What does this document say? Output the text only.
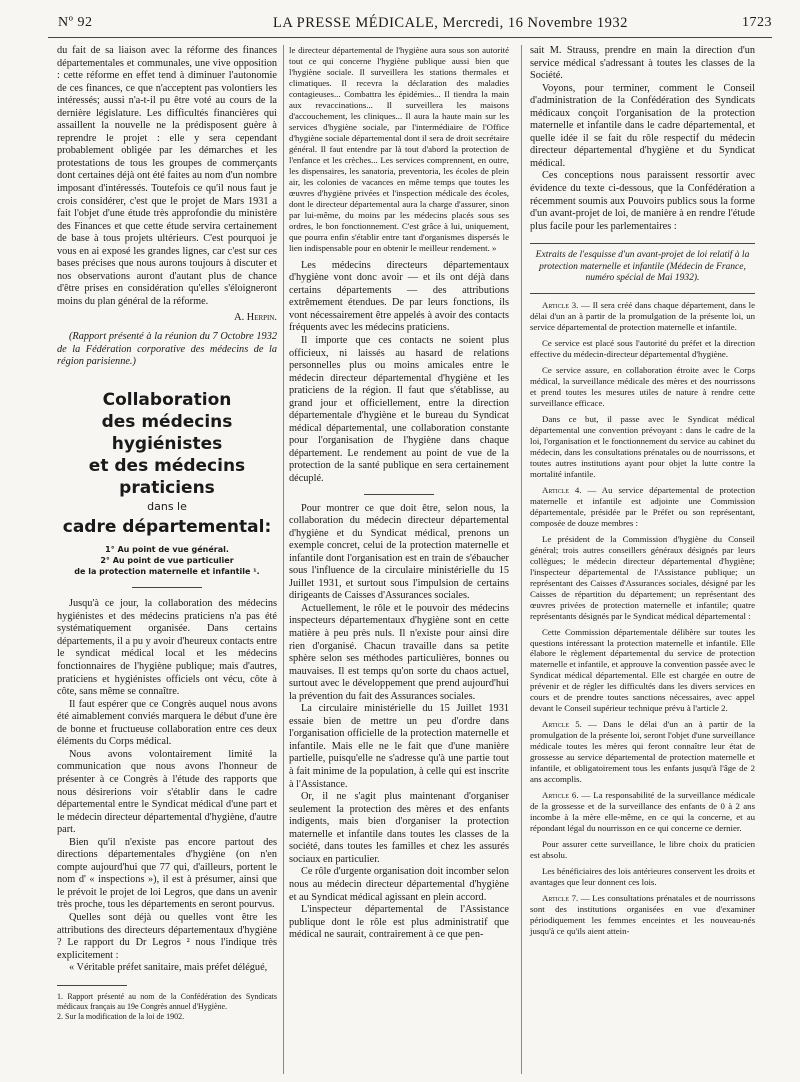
Nº 92	LA PRESSE MÉDICALE, Mercredi, 16 Novembre 1932	1723

du fait de sa liaison avec la réforme des finances départementales et communales, une vive opposition : cette réforme en effet tend à diminuer l'autonomie de ces finances, ce que n'acceptent pas volontiers les intéressés; aussi n'a-t-il pu être voté au cours de la dernière législature. Les difficultés financières qui assaillent la nouvelle ne la prédisposent guère à reprendre le projet : elle y sera cependant probablement obligée par les démarches et les protestations de tous les groupes de commerçants dont certaines déjà ont été faites au nom d'un nombre imposant d'intéressés. Toutefois ce qu'il nous faut je crois considérer, c'est que le projet de Mars 1931 a fait l'objet d'une étude très approfondie du ministère des Finances et que cette étude servira certainement de base à tous projets ultérieurs. C'est pourquoi je vous en ai exposé les grandes lignes, car c'est sur ces bases précises que nous aurons toujours à discuter et nos observations auront d'autant plus de chance d'être prises en considération qu'elles s'éloigneront moins du plan général de la réforme.

A. Herpin.

(Rapport présenté à la réunion du 7 Octobre 1932 de la Fédération corporative des médecins de la région parisienne.)

Collaboration
des médecins hygiénistes
et des médecins praticiens
dans le
cadre départemental:
1° Au point de vue général.
2° Au point de vue particulier
de la protection maternelle et infantile ¹.

Jusqu'à ce jour, la collaboration des médecins hygiénistes et des médecins praticiens n'a pas été systématiquement organisée. Dans certains départements, il a pu y avoir d'heureux contacts entre le syndicat médical local et les médecins fonctionnaires de l'hygiène publique; mais d'autres, praticiens et hygiénistes officiels ont vécu, côte à côte, sans même se connaître.

Il faut espérer que ce Congrès auquel nous avons été aimablement conviés marquera le début d'une ère de bonne et fructueuse collaboration entre ces deux éléments du Corps médical.

Nous avons volontairement limité la communication que nous avons l'honneur de présenter à ce Congrès à l'étude des rapports que nous désirerions voir s'établir dans le cadre départemental entre le Syndicat médical d'une part et le médecin directeur départemental d'hygiène, d'autre part.

Bien qu'il n'existe pas encore partout des directions départementales d'hygiène (on n'en compte aujourd'hui que 77 qui, d'ailleurs, portent le nom d' « inspections »), il est à présumer, ainsi que le prévoit le projet de loi Legros, que dans un avenir très proche, tous les départements en seront pourvus.

Quelles sont déjà ou quelles vont être les attributions des directeurs départementaux d'hygiène ? Le rapport du Dr Legros ² nous l'indique très explicitement :

« Véritable préfet sanitaire, mais préfet délégué,

1. Rapport présenté au nom de la Confédération des Syndicats médicaux français au 19e Congrès annuel d'Hygiène.

2. Sur la modification de la loi de 1902.

le directeur départemental de l'hygiène aura sous son autorité tout ce qui concerne l'hygiène publique aussi bien que l'hygiène sociale. Il surveillera les stations thermales et climatiques. Il recevra la déclaration des maladies contagieuses... Combattra les épidémies... Il tiendra la main aux revaccinations... Il surveillera les maisons d'accouchement, les cliniques... Il aura la haute main sur les services d'hygiène sociale, par l'intermédiaire de l'Office d'hygiène sociale départemental dont il sera de droit secrétaire général. Il faut entendre par là tout d'abord la protection de l'enfance et les crèches... Les services comprennent, en outre, les dispensaires, les sanatoria, preventoria, les écoles de plein air, les colonies de vacances en même temps que toutes les œuvres d'hygiène privées et l'inspection médicale des écoles, dont le directeur départemental aura la charge d'assurer, sinon par lui-même, du moins par les médecins placés sous ses ordres, le bon fonctionnement. C'est grâce à lui, uniquement, que pourra enfin s'établir entre tant d'organismes dispersés le lien indispensable pour en obtenir le meilleur rendement. »

Les médecins directeurs départementaux d'hygiène vont donc avoir — et ils ont déjà dans certains départements — des attributions extrêmement étendues. De par leurs fonctions, ils vont nécessairement être appelés à avoir des contacts fréquents avec les médecins praticiens.

Il importe que ces contacts ne soient plus officieux, ni laissés au hasard de relations personnelles plus ou moins amicales entre le médecin directeur départemental d'hygiène et les praticiens de la région. Il faut que s'établisse, au grand jour et officiellement, entre la direction départementale d'hygiène et le bureau du Syndicat médical départemental, une collaboration constante pour l'organisation de l'hygiène dans chaque département. Le rendement au point de vue de la protection de la santé publique en sera certainement décuplé.

Pour montrer ce que doit être, selon nous, la collaboration du médecin directeur départemental d'hygiène et du Syndicat médical, prenons un exemple concret, celui de la protection maternelle et infantile dont l'organisation est en train de s'ébaucher sous l'influence de la circulaire ministérielle du 15 Juillet 1931, et surtout sous l'impulsion de certains dirigeants de Caisses d'Assurances sociales.

Actuellement, le rôle et le pouvoir des médecins inspecteurs départementaux d'hygiène sont en cette matière à peu près nuls. Il n'existe pour ainsi dire rien d'organisé. Chacun travaille dans sa petite sphère selon ses méthodes particulières, bonnes ou mauvaises. Il est temps qu'on sorte du chaos actuel, surtout avec le développement que prend aujourd'hui la prévention du fait des Assurances sociales.

La circulaire ministérielle du 15 Juillet 1931 essaie bien de mettre un peu d'ordre dans l'organisation officielle de la protection maternelle et infantile. Mais elle ne le fait que d'une manière partielle, puisqu'elle ne s'adresse qu'à une partie tout à fait minime de la population, à celle qui est inscrite à l'Assistance.

Or, il ne s'agit plus maintenant d'organiser seulement la protection des mères et des enfants indigents, mais bien d'organiser la protection maternelle et infantile dans toutes les classes de la société, dans toutes les familles et chez les assurés sociaux en particulier.

Ce rôle d'urgente organisation doit incomber selon nous au médecin directeur départemental d'hygiène et au Syndicat médical agissant en plein accord.

L'inspecteur départemental de l'Assistance publique dont le rôle est plus administratif que médical ne saurait, contrairement à ce que pen-

sait M. Strauss, prendre en main la direction d'un service médical s'adressant à toutes les classes de la Société.

Voyons, pour terminer, comment le Conseil d'administration de la Confédération des Syndicats médicaux conçoit l'organisation de la protection maternelle et infantile dans le cadre départemental, et quelle idée il se fait du rôle respectif du médecin directeur départemental d'hygiène et du Syndicat médical.

Ces conceptions nous paraissent ressortir avec évidence du texte ci-dessous, que la Confédération a récemment soumis aux Pouvoirs publics sous la forme d'un avant-projet de loi, de manière à en rendre l'étude plus facile pour les parlementaires :

Extraits de l'esquisse d'un avant-projet de loi relatif à la protection maternelle et infantile (Médecin de France, numéro spécial de Mai 1932).

Article 3. — Il sera créé dans chaque département, dans le délai d'un an à partir de la promulgation de la présente loi, un service départemental de protection maternelle et infantile.

Ce service est placé sous l'autorité du préfet et la direction effective du médecin-directeur départemental d'hygiène.

Ce service assure, en collaboration étroite avec le Corps médical, la surveillance médicale des mères et des nourrissons et prend toutes les mesures utiles de nature à rendre cette surveillance efficace.

Dans ce but, il passe avec le Syndicat médical départemental une convention prévoyant : dans le cadre de la loi, l'organisation et le fonctionnement du service au cabinet du médecin, dans les consultations prénatales ou de nourrissons, et toutes autres institutions ayant pour objet la lutte contre la mortalité infantile.

Article 4. — Au service départemental de protection maternelle et infantile est adjointe une Commission départementale, présidée par le Préfet ou son représentant, composée de douze membres :

Le président de la Commission d'hygiène du Conseil général; trois autres conseillers généraux désignés par leurs collègues; le médecin directeur départemental d'hygiène; l'inspecteur départemental de l'Assistance publique; un représentant des Caisses d'Assurances sociales, désigné par les Caisses de répartition du département; un représentant des œuvres privées de protection maternelle et infantile; quatre représentants désignés par le Syndicat médical départemental :

Cette Commission départementale délibère sur toutes les questions intéressant la protection maternelle et infantile. Elle élabore le règlement départemental du service de protection maternelle et infantile, et approuve la convention passée avec le Syndicat médical départemental. Elle est chargée en outre de prévenir et de régler les difficultés dans les divers services en cours et de prendre toutes sanctions nécessaires, avec appel devant le Conseil supérieur technique prévu à l'article 2.

Article 5. — Dans le délai d'un an à partir de la promulgation de la présente loi, seront l'objet d'une surveillance médicale toutes les mères qui feront connaître leur état de grossesse au service départemental de protection maternelle et infantile, et obligatoirement tous les enfants jusqu'à l'âge de 2 ans accomplis.

Article 6. — La responsabilité de la surveillance médicale de la grossesse et de la surveillance des enfants de 0 à 2 ans incombe à la mère elle-même, en ce qui la concerne, et au répondant légal du nourrisson en ce qui concerne ce dernier.

Pour assurer cette surveillance, le libre choix du praticien est absolu.

Les bénéficiaires des lois antérieures conservent les droits et avantages que leur donnent ces lois.

Article 7. — Les consultations prénatales et de nourrissons sont des institutions organisées en vue d'examiner périodiquement les femmes enceintes et les nouveau-nés jusqu'à ce qu'ils aient attein-
